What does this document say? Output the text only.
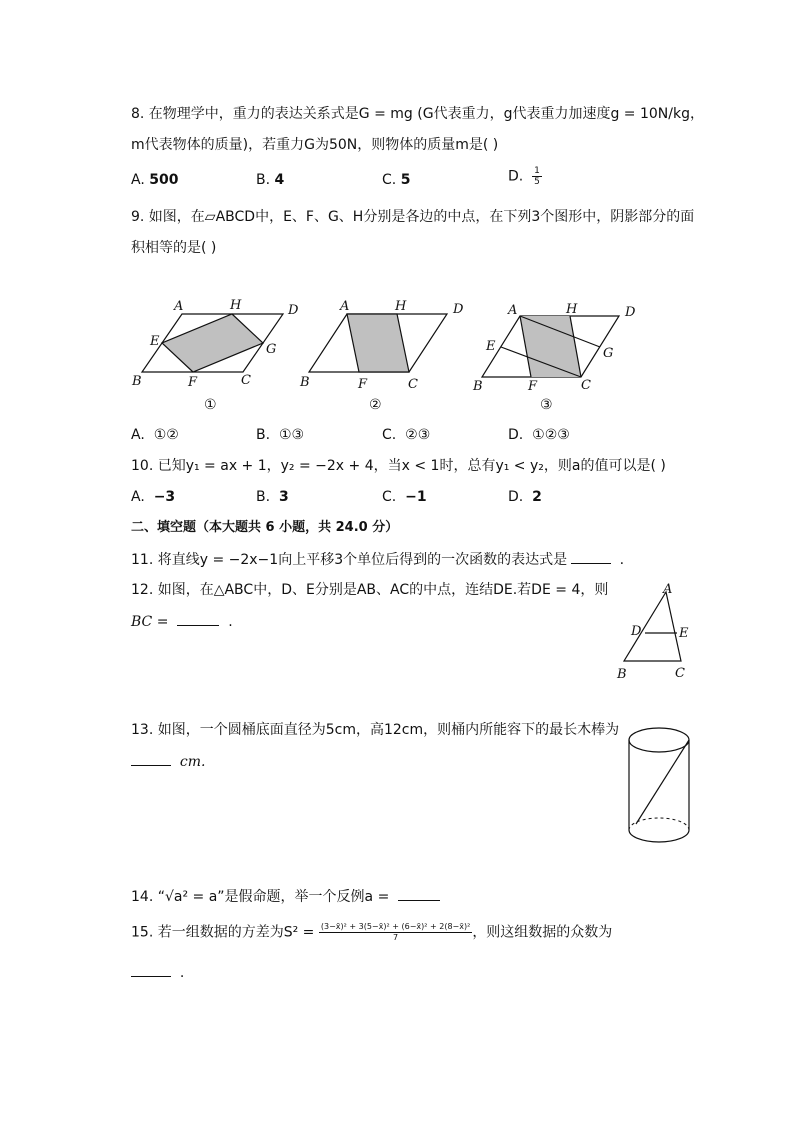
8. 在物理学中，重力的表达关系式是G = mg (G代表重力，g代表重力加速度g = 10N/kg，
m代表物体的质量)，若重力G为50N，则物体的质量m是( )
A. 500	B. 4	C. 5	D. $\frac{1}{5}$
9. 如图，在▱ABCD中，E、F、G、H分别是各边的中点，在下列3个图形中，阴影部分的面
积相等的是( )
A	H	D
E
G
B	F	C
①
A	H	D
B	F	C
②
A	H	D
E	G
B	F	C
③
A. ①②	B. ①③	C. ②③	D. ①②③
10. 已知y₁ = ax + 1，y₂ = −2x + 4，当x < 1时，总有y₁ < y₂，则a的值可以是( )
A. −3	B. 3	C. −1	D. 2
二、填空题（本大题共 6 小题，共 24.0 分）
11. 将直线y = −2x−1向上平移3个单位后得到的一次函数的表达式是	.
12. 如图，在△ABC中，D、E分别是AB、AC的中点，连结DE.若DE = 4，则
BC =	.
A
D	E
B	C
13. 如图，一个圆桶底面直径为5cm，高12cm，则桶内所能容下的最长木棒为
cm.
14. “√a² = a”是假命题，举一个反例a =
15. 若一组数据的方差为$S^2 = \frac{\text{(3−x̄)² + 3(5−x̄)² + (6−x̄)² + 2(8−x̄)²}}{7}$ ，则这组数据的众数为
.
